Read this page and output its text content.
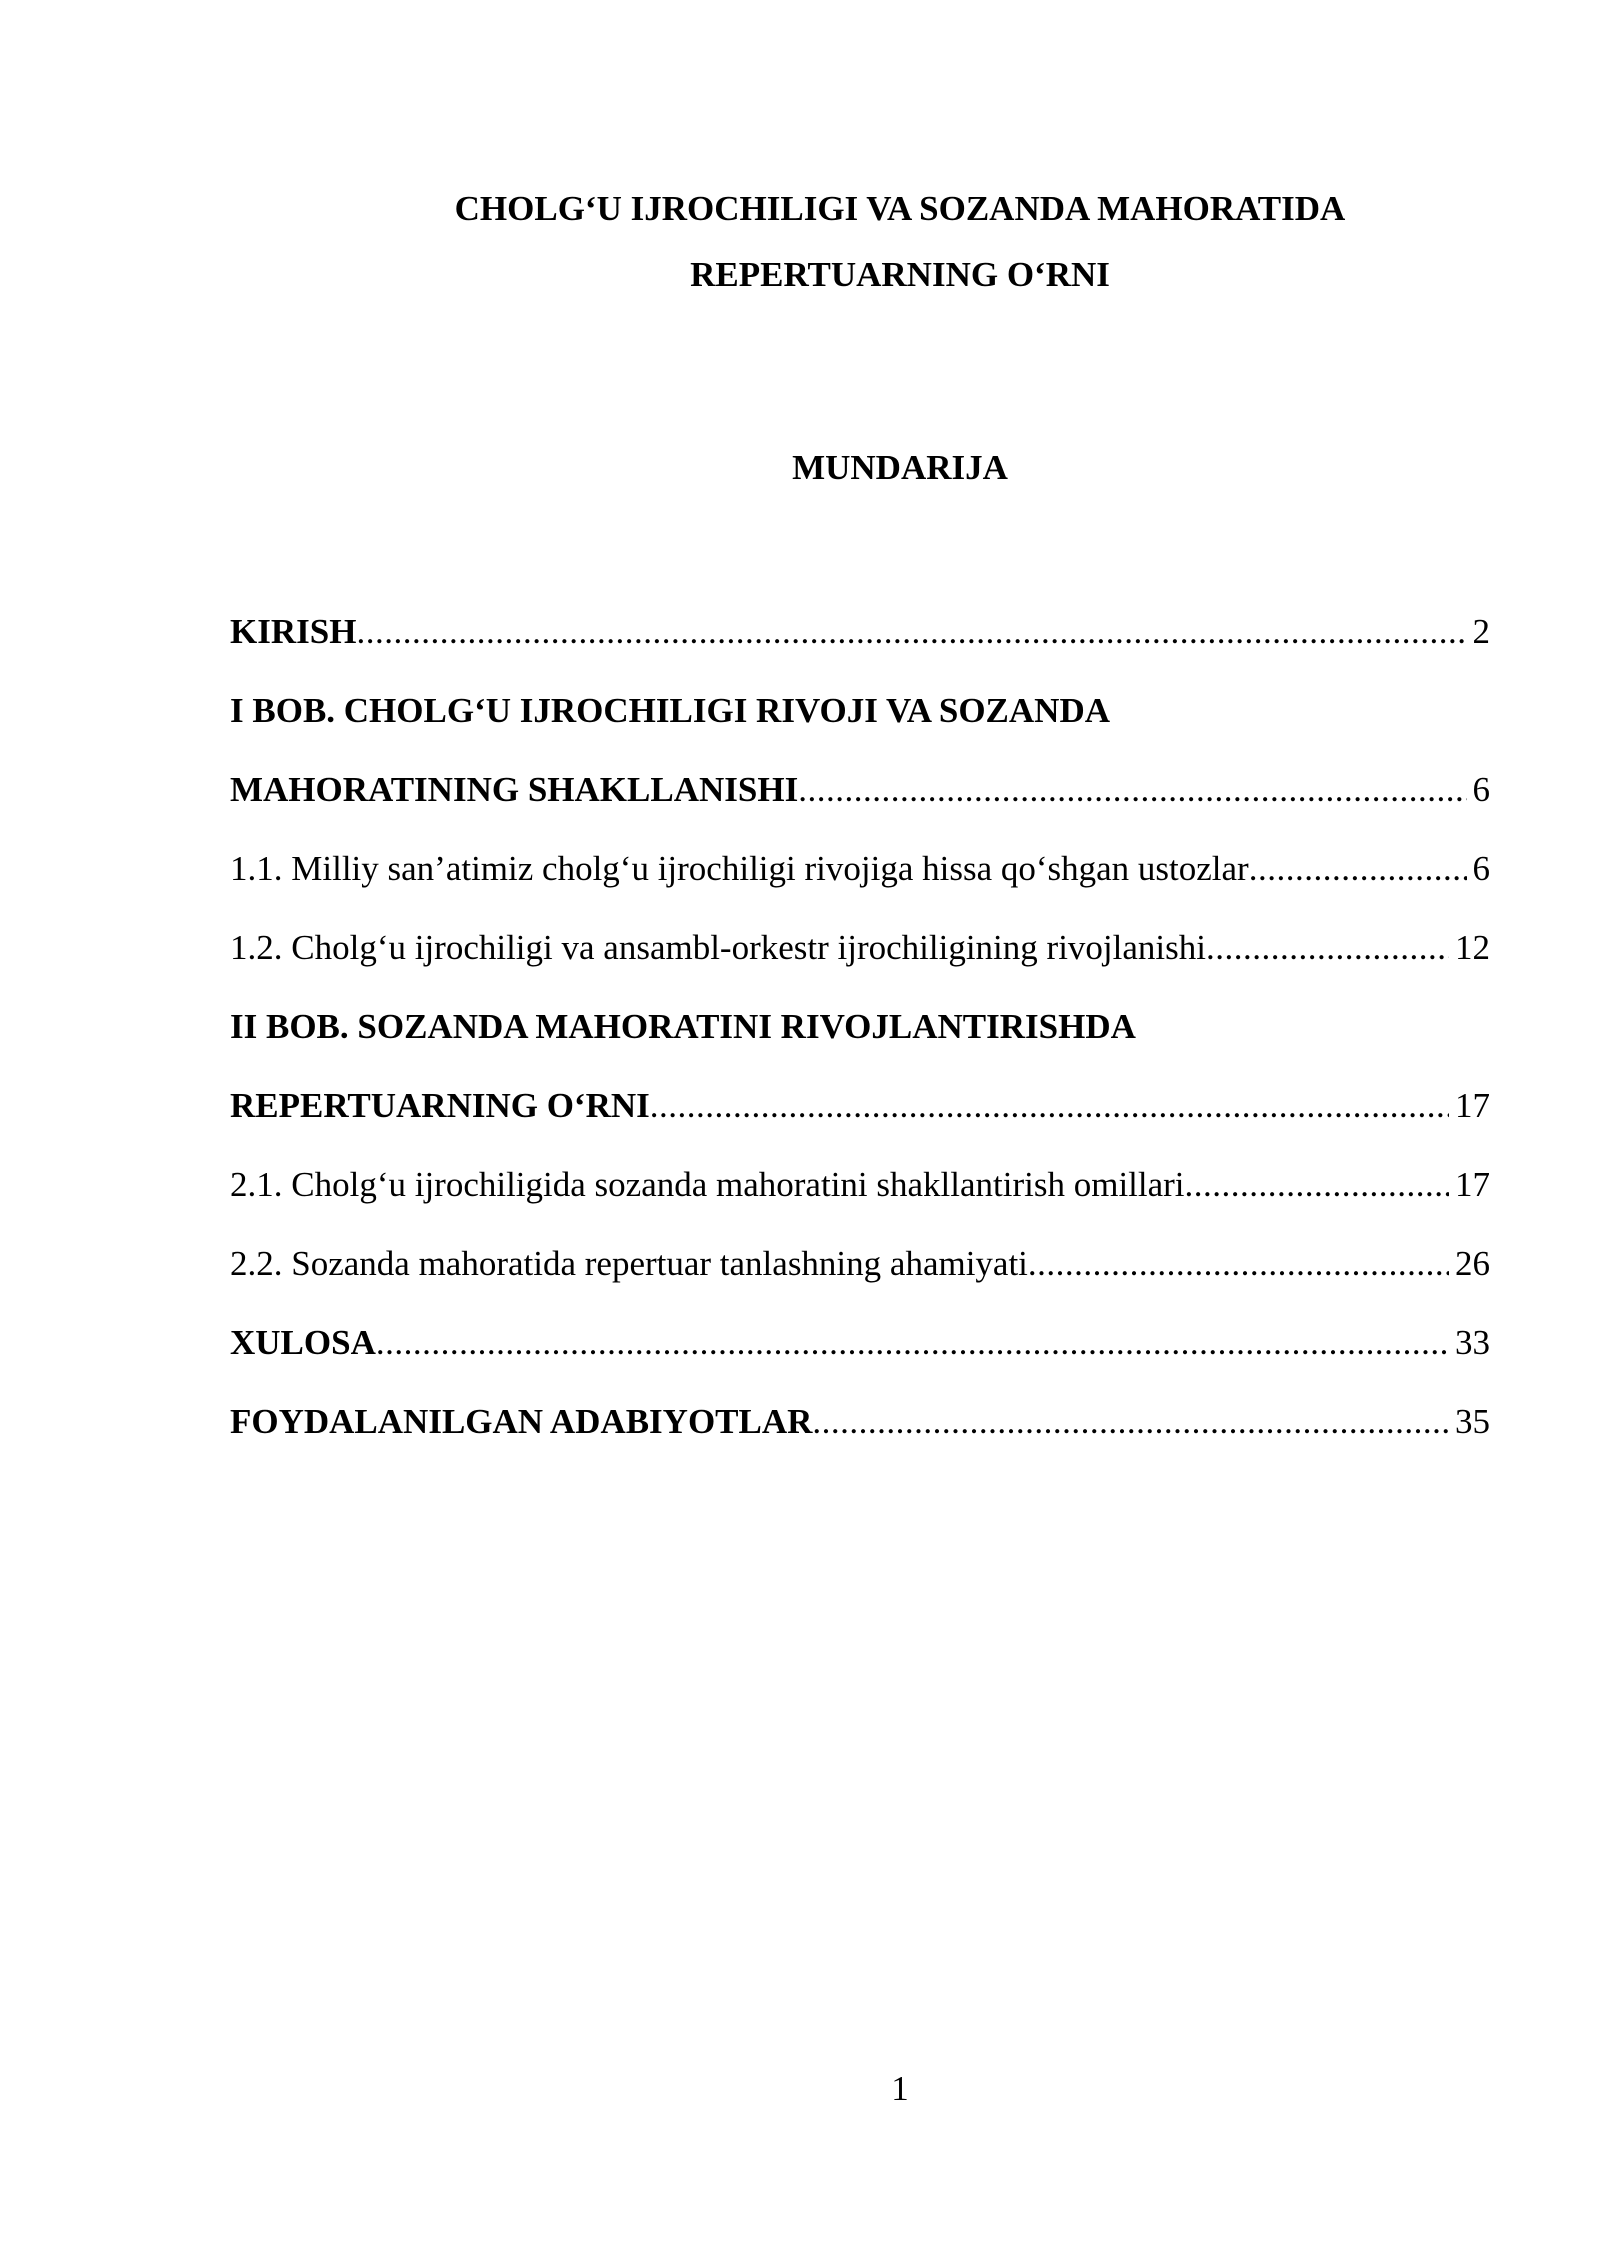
CHOLG‘U IJROCHILIGI VA SOZANDA MAHORATIDA
REPERTUARNING O‘RNI
MUNDARIJA
KIRISH .....	2
I BOB. CHOLG‘U IJROCHILIGI RIVOJI VA SOZANDA
MAHORATINING SHAKLLANISHI .....	6
1.1. Milliy san’atimiz cholg‘u ijrochiligi rivojiga hissa qo‘shgan ustozlar .....	6
1.2. Cholg‘u ijrochiligi va ansambl-orkestr ijrochiligining rivojlanishi .....	12
II BOB. SOZANDA MAHORATINI RIVOJLANTIRISHDA
REPERTUARNING O‘RNI .....	17
2.1. Cholg‘u ijrochiligida sozanda mahoratini shakllantirish omillari .....	17
2.2. Sozanda mahoratida repertuar tanlashning ahamiyati .....	26
XULOSA .....	33
FOYDALANILGAN ADABIYOTLAR .....	35
1
